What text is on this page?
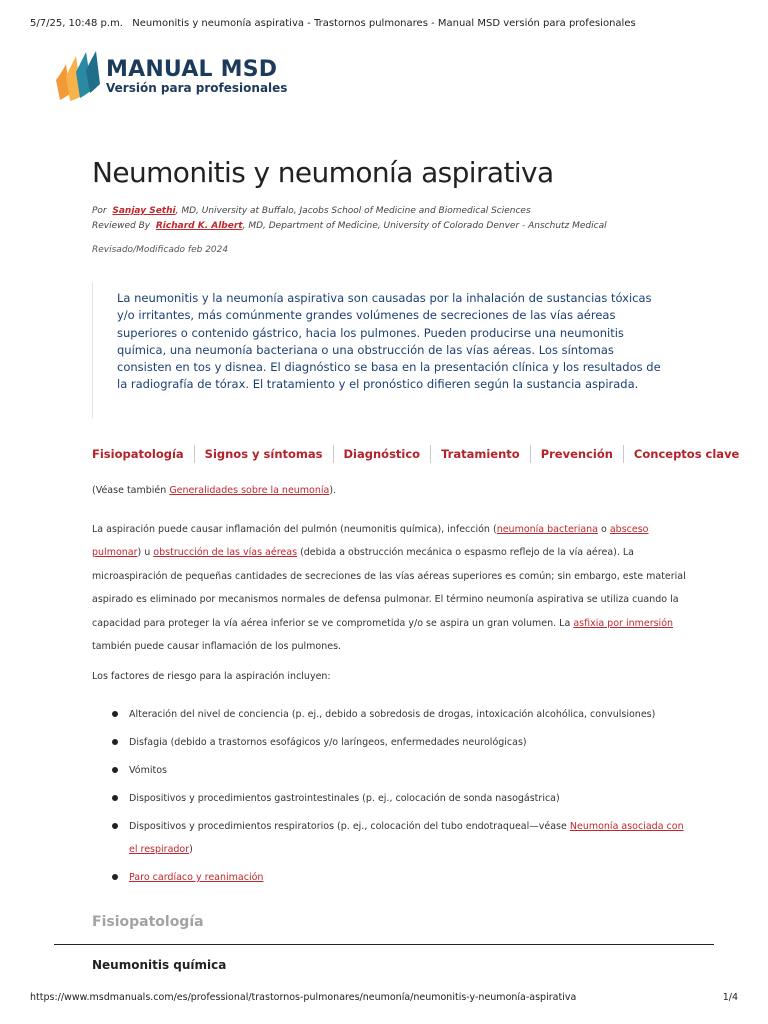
5/7/25, 10:48 p.m. Neumonitis y neumonía aspirativa - Trastornos pulmonares - Manual MSD versión para profesionales
MANUAL MSD
Versión para profesionales
Neumonitis y neumonía aspirativa
Por Sanjay Sethi, MD, University at Buffalo, Jacobs School of Medicine and Biomedical Sciences
Reviewed By Richard K. Albert, MD, Department of Medicine, University of Colorado Denver - Anschutz Medical
Revisado/Modificado feb 2024
La neumonitis y la neumonía aspirativa son causadas por la inhalación de sustancias tóxicas y/o irritantes, más comúnmente grandes volúmenes de secreciones de las vías aéreas superiores o contenido gástrico, hacia los pulmones. Pueden producirse una neumonitis química, una neumonía bacteriana o una obstrucción de las vías aéreas. Los síntomas consisten en tos y disnea. El diagnóstico se basa en la presentación clínica y los resultados de la radiografía de tórax. El tratamiento y el pronóstico difieren según la sustancia aspirada.
Fisiopatología Signos y síntomas Diagnóstico Tratamiento Prevención Conceptos clave

(Véase también Generalidades sobre la neumonía).

La aspiración puede causar inflamación del pulmón (neumonitis química), infección (neumonía bacteriana o absceso pulmonar) u obstrucción de las vías aéreas (debida a obstrucción mecánica o espasmo reflejo de la vía aérea). La microaspiración de pequeñas cantidades de secreciones de las vías aéreas superiores es común; sin embargo, este material aspirado es eliminado por mecanismos normales de defensa pulmonar. El término neumonía aspirativa se utiliza cuando la capacidad para proteger la vía aérea inferior se ve comprometida y/o se aspira un gran volumen. La asfixia por inmersión también puede causar inflamación de los pulmones.

Los factores de riesgo para la aspiración incluyen:

Alteración del nivel de conciencia (p. ej., debido a sobredosis de drogas, intoxicación alcohólica, convulsiones)
Disfagia (debido a trastornos esofágicos y/o laríngeos, enfermedades neurológicas)
Vómitos
Dispositivos y procedimientos gastrointestinales (p. ej., colocación de sonda nasogástrica)
Dispositivos y procedimientos respiratorios (p. ej., colocación del tubo endotraqueal—véase Neumonía asociada con el respirador)
Paro cardíaco y reanimación
Fisiopatología
Neumonitis química
https://www.msdmanuals.com/es/professional/trastornos-pulmonares/neumonía/neumonitis-y-neumonía-aspirativa	1/4
